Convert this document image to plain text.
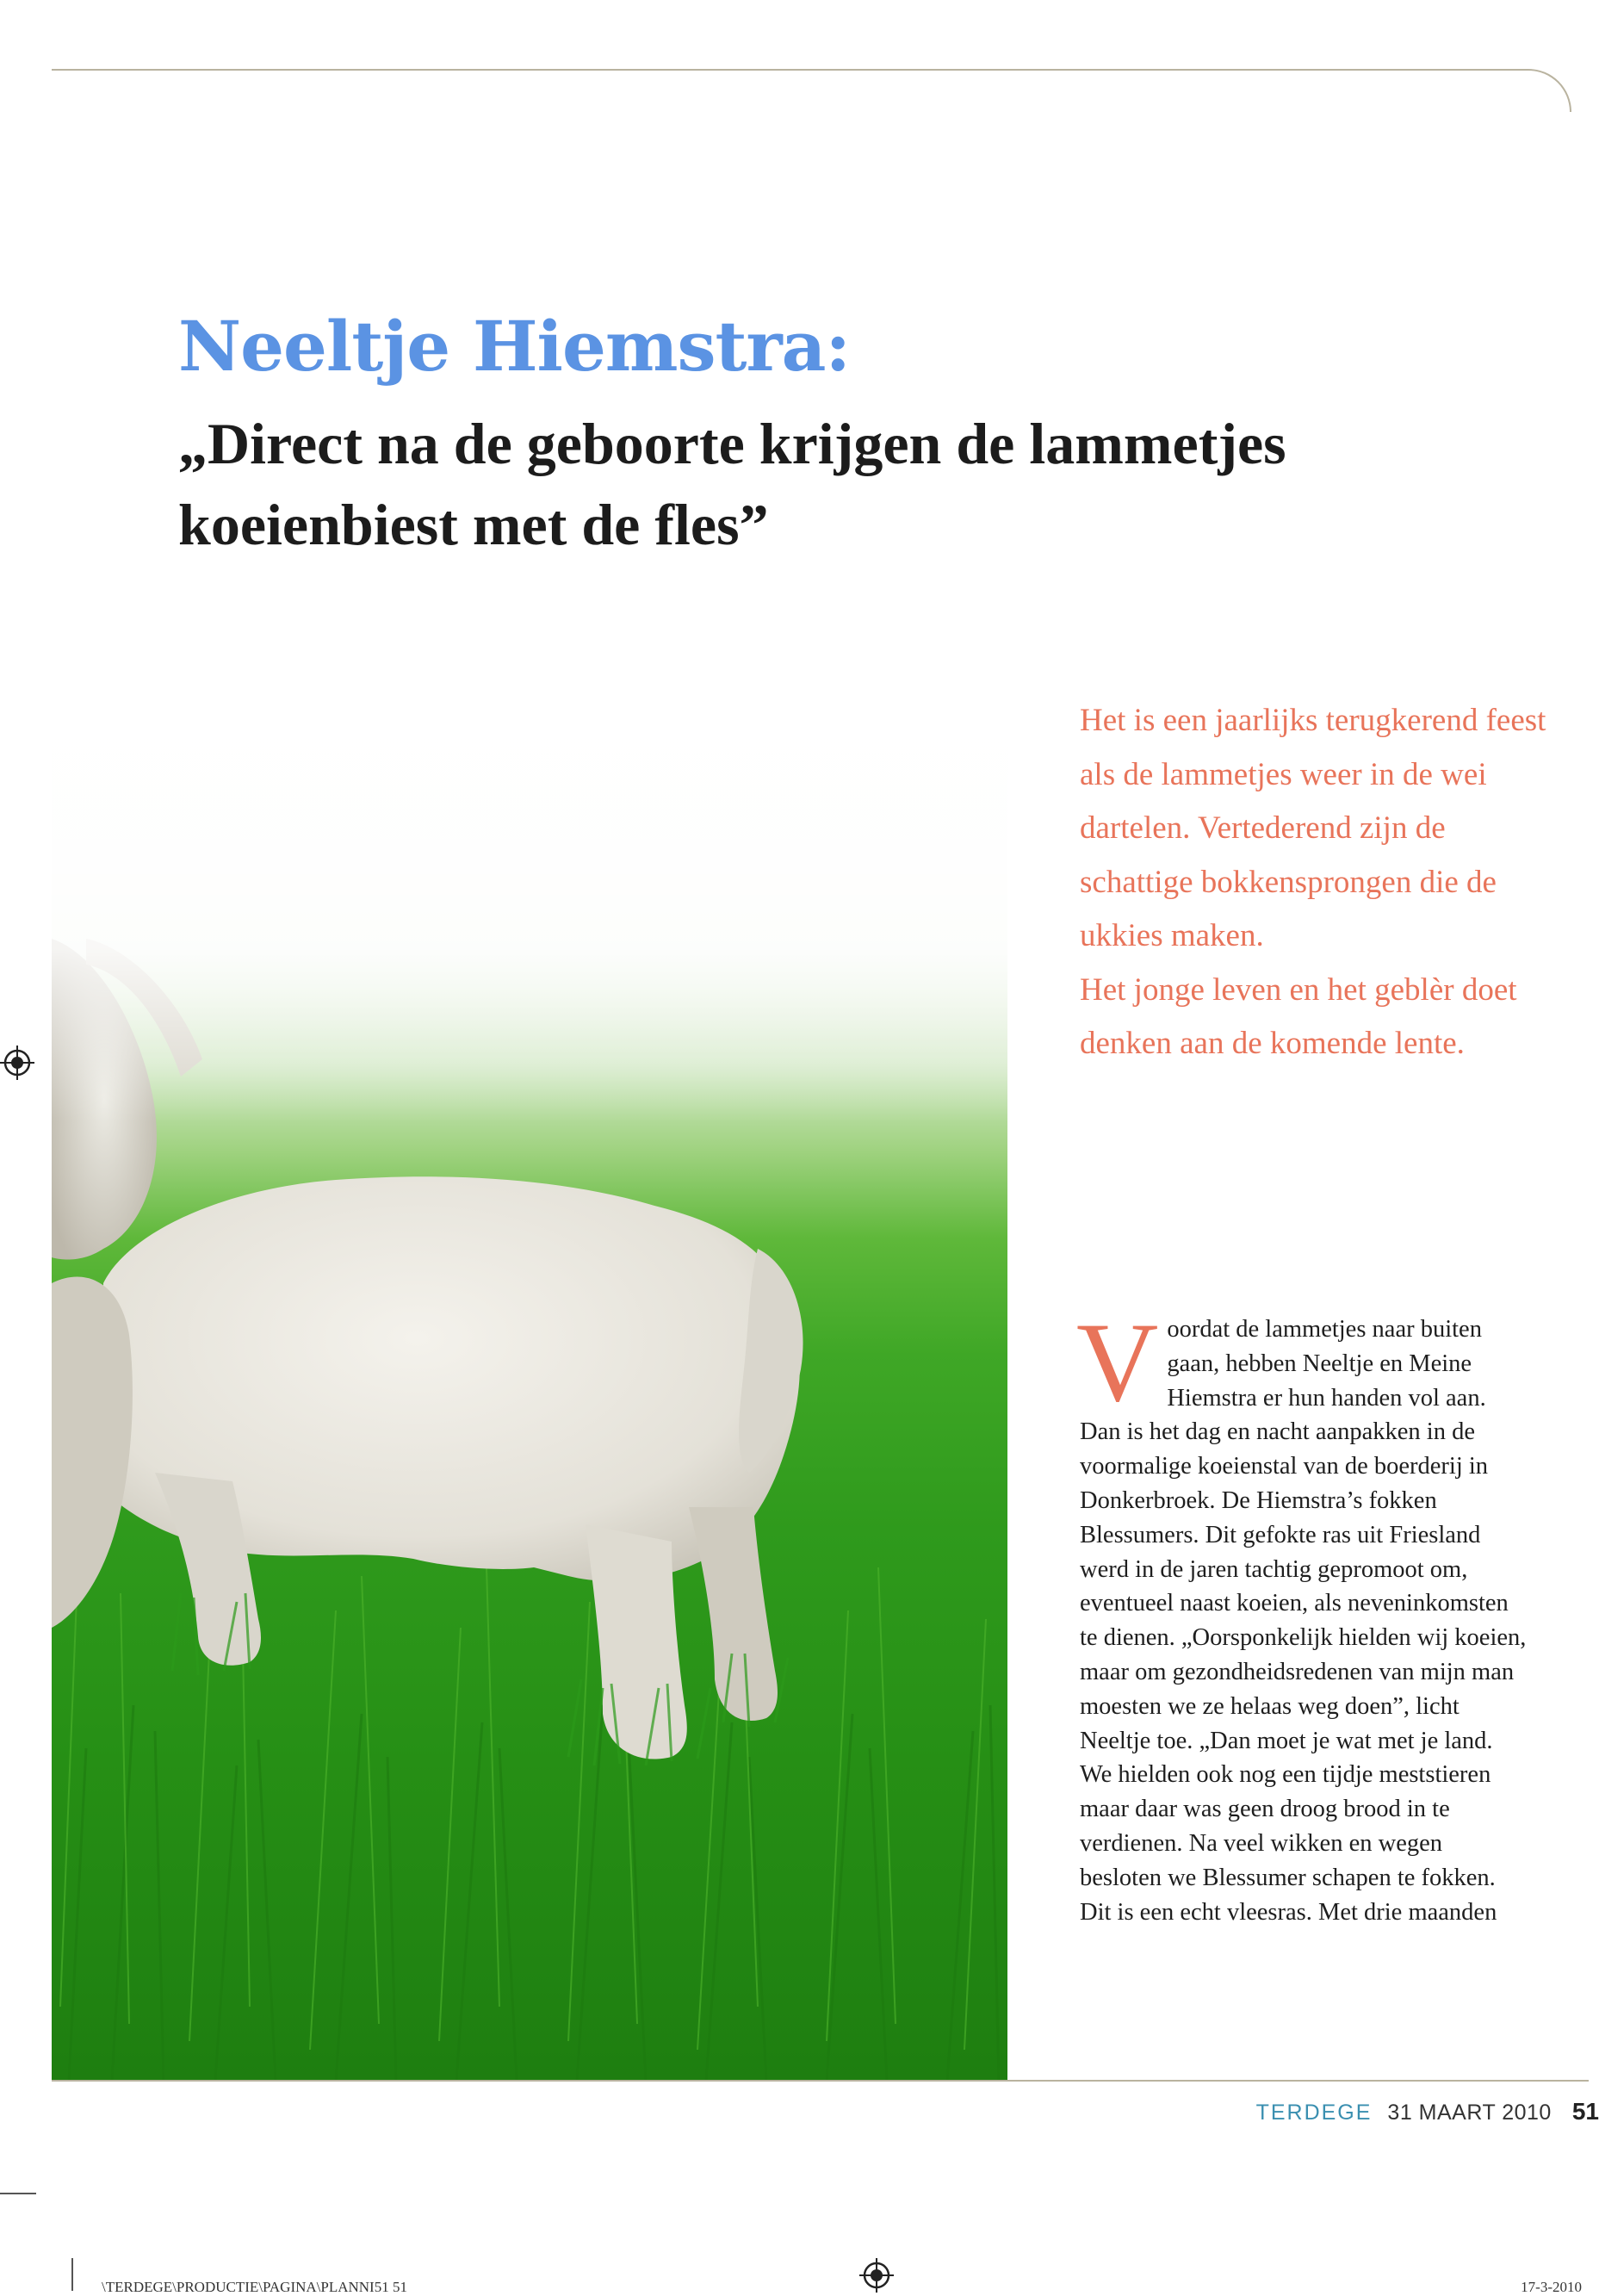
Neeltje Hiemstra:
„Direct na de geboorte krijgen de lammetjes koeienbiest met de fles”

Het is een jaarlijks terugkerend feest als de lammetjes weer in de wei dartelen. Vertederend zijn de schattige bokkensprongen die de ukkies maken.

Het jonge leven en het geblèr doet denken aan de komende lente.

Voordat de lammetjes naar buiten gaan, hebben Neeltje en Meine Hiemstra er hun handen vol aan. Dan is het dag en nacht aanpakken in de voormalige koeienstal van de boerderij in Donkerbroek. De Hiemstra’s fokken Blessumers. Dit gefokte ras uit Friesland werd in de jaren tachtig gepromoot om, eventueel naast koeien, als neveninkomsten te dienen. „Oorsponkelijk hielden wij koeien, maar om gezondheidsredenen van mijn man moesten we ze helaas weg doen”, licht Neeltje toe. „Dan moet je wat met je land. We hielden ook nog een tijdje meststieren maar daar was geen droog brood in te verdienen. Na veel wikken en wegen besloten we Blessumer schapen te fokken. Dit is een echt vleesras. Met drie maanden
TERDEGE 31 MAART 2010 51
\TERDEGE\PRODUCTIE\PAGINA\PLANNI51 51	17-3-2010
